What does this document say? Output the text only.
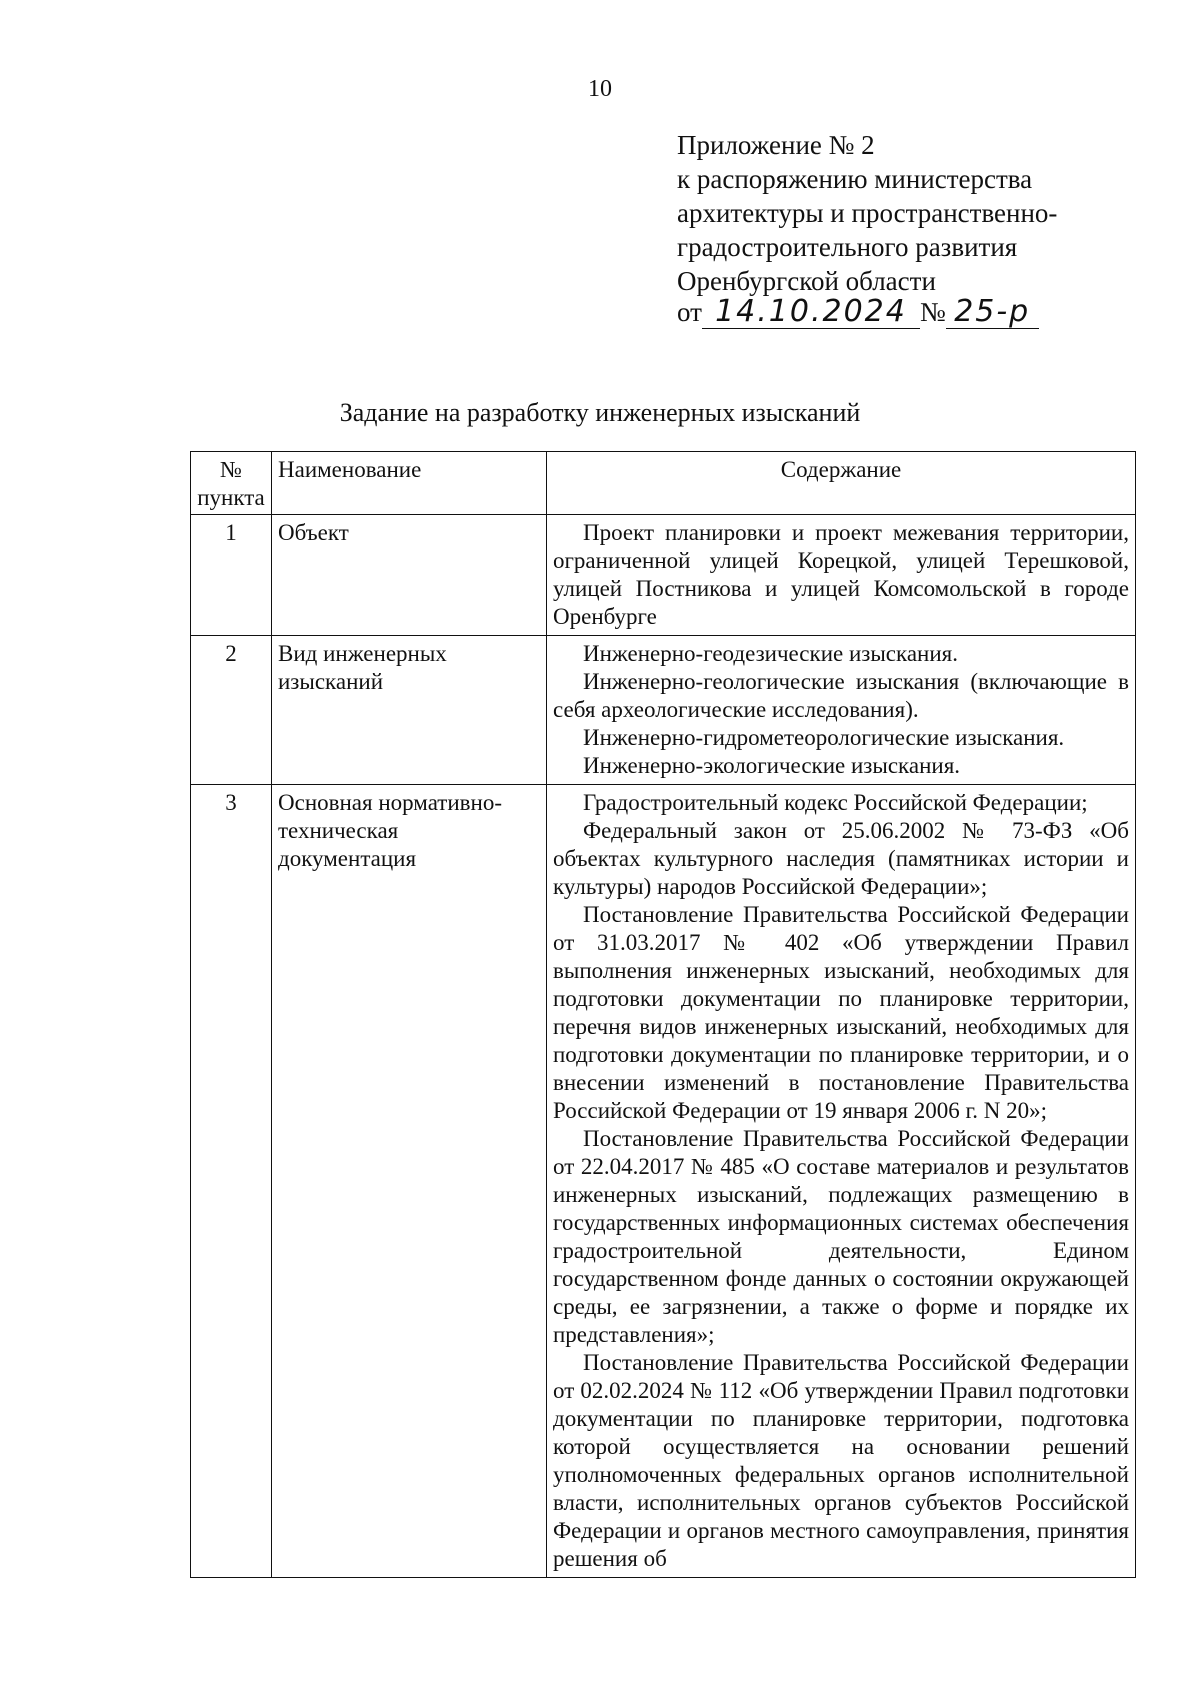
10
Приложение № 2
к распоряжению министерства
архитектуры и пространственно-
градостроительного развития
Оренбургской области
от 14.10.2024 № 25-р
Задание на разработку инженерных изысканий
№ пункта	Наименование	Содержание
1	Объект	Проект планировки и проект межевания территории, ограниченной улицей Корецкой, улицей Терешковой, улицей Постникова и улицей Комсомольской в городе Оренбурге

2	Вид инженерных изысканий	Инженерно-геодезические изыскания.

Инженерно-геологические изыскания (включающие в себя археологические исследования).

Инженерно-гидрометеорологические изыскания.

Инженерно-экологические изыскания.

3	Основная нормативно-техническая документация	Градостроительный кодекс Российской Федерации;

Федеральный закон от 25.06.2002 № 73-ФЗ «Об объектах культурного наследия (памятниках истории и культуры) народов Российской Федерации»;

Постановление Правительства Российской Федерации от 31.03.2017 № 402 «Об утверждении Правил выполнения инженерных изысканий, необходимых для подготовки документации по планировке территории, перечня видов инженерных изысканий, необходимых для подготовки документации по планировке территории, и о внесении изменений в постановление Правительства Российской Федерации от 19 января 2006 г. N 20»;

Постановление Правительства Российской Федерации от 22.04.2017 № 485 «О составе материалов и результатов инженерных изысканий, подлежащих размещению в государственных информационных системах обеспечения градостроительной деятельности, Едином государственном фонде данных о состоянии окружающей среды, ее загрязнении, а также о форме и порядке их представления»;

Постановление Правительства Российской Федерации от 02.02.2024 № 112 «Об утверждении Правил подготовки документации по планировке территории, подготовка которой осуществляется на основании решений уполномоченных федеральных органов исполнительной власти, исполнительных органов субъектов Российской Федерации и органов местного самоуправления, принятия решения об
